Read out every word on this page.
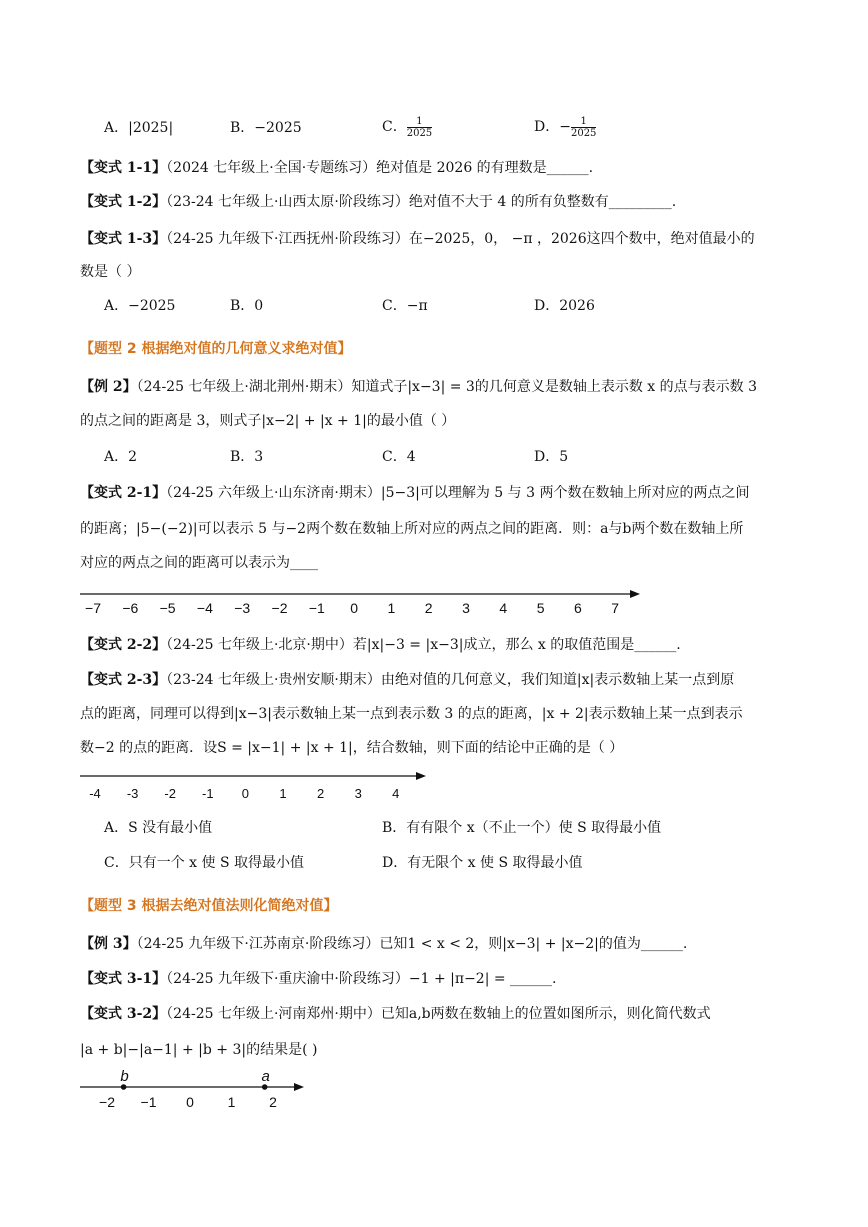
A．|2025|	B．−2025	C． $\frac{1}{2025}$	D．− $\frac{1}{2025}$
【变式 1-1】（2024 七年级上·全国·专题练习）绝对值是 2026 的有理数是______.
【变式 1-2】（23-24 七年级上·山西太原·阶段练习）绝对值不大于 4 的所有负整数有_________.
【变式 1-3】（24-25 九年级下·江西抚州·阶段练习）在−2025，0， −π ，2026这四个数中，绝对值最小的
数是（ ）
A．−2025	B．0	C．−π	D．2026
【题型 2 根据绝对值的几何意义求绝对值】
【例 2】（24-25 七年级上·湖北荆州·期末）知道式子|x−3| = 3的几何意义是数轴上表示数 x 的点与表示数 3
的点之间的距离是 3，则式子|x−2| + |x + 1|的最小值（ ）
A．2	B．3	C．4	D．5
【变式 2-1】（24-25 六年级上·山东济南·期末）|5−3|可以理解为 5 与 3 两个数在数轴上所对应的两点之间
的距离；|5−(−2)|可以表示 5 与−2两个数在数轴上所对应的两点之间的距离．则：a与b两个数在数轴上所
对应的两点之间的距离可以表示为____
−7 −6 −5 −4 −3 −2 −1 0 1 2 3 4 5 6 7
【变式 2-2】（24-25 七年级上·北京·期中）若|x|−3 = |x−3|成立，那么 x 的取值范围是______.
【变式 2-3】（23-24 七年级上·贵州安顺·期末）由绝对值的几何意义，我们知道|x|表示数轴上某一点到原
点的距离，同理可以得到|x−3|表示数轴上某一点到表示数 3 的点的距离，|x + 2|表示数轴上某一点到表示
数−2 的点的距离．设S = |x−1| + |x + 1|，结合数轴，则下面的结论中正确的是（ ）
-4 -3 -2 -1 0 1 2 3 4
A．S 没有最小值	B．有有限个 x（不止一个）使 S 取得最小值
C．只有一个 x 使 S 取得最小值	D．有无限个 x 使 S 取得最小值
【题型 3 根据去绝对值法则化简绝对值】
【例 3】（24-25 九年级下·江苏南京·阶段练习）已知1 < x < 2，则|x−3| + |x−2|的值为______.
【变式 3-1】（24-25 九年级下·重庆渝中·阶段练习）−1 + |π−2| = ______.
【变式 3-2】（24-25 七年级上·河南郑州·期中）已知a,b两数在数轴上的位置如图所示，则化简代数式
|a + b|−|a−1| + |b + 3|的结果是( )
−2 −1 0 1 2
b	a
